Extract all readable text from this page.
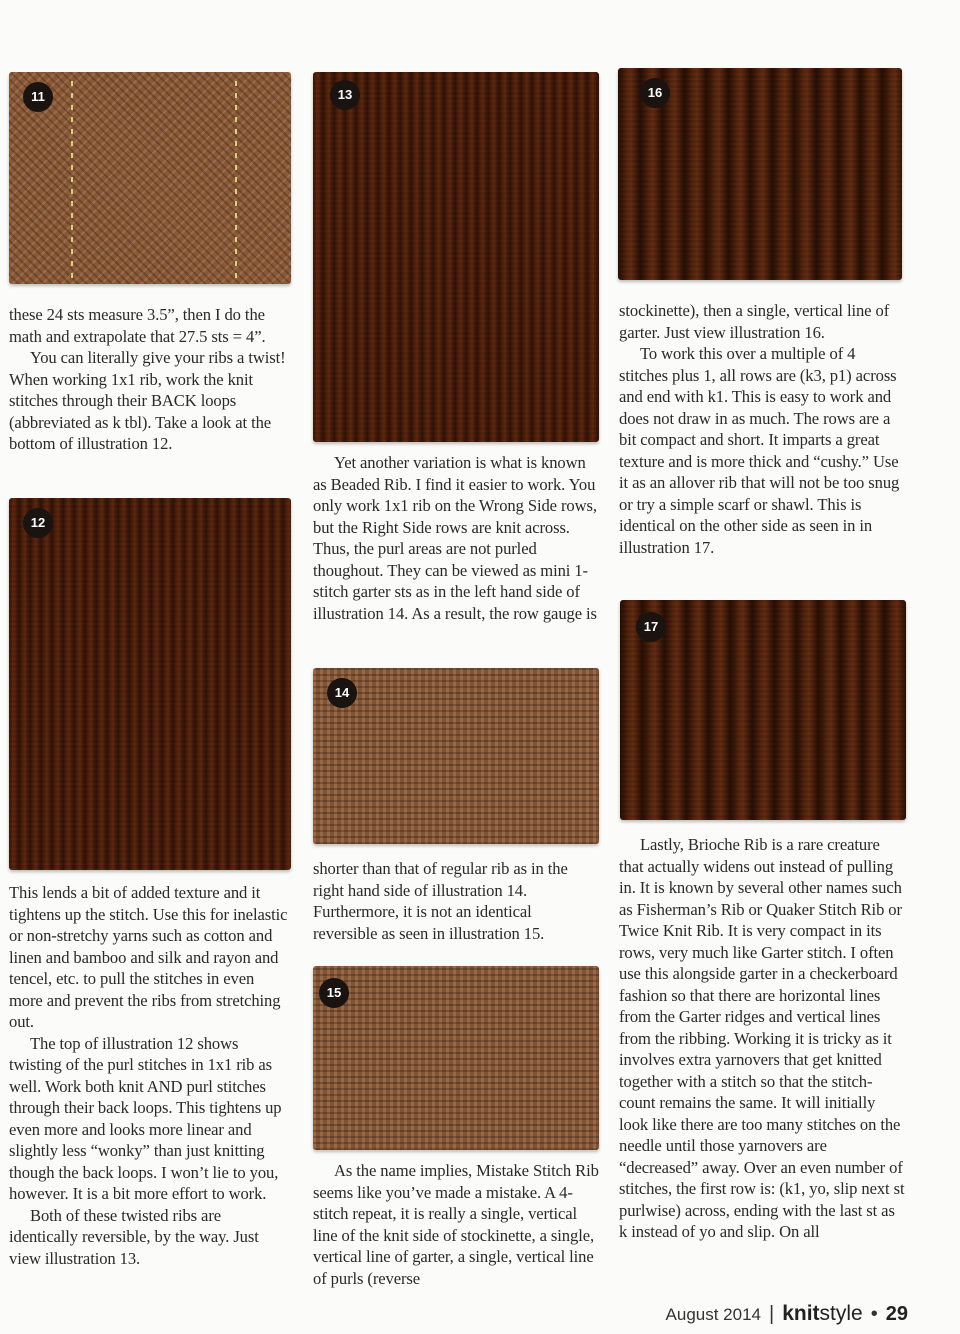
11	13	16
12
17
14
15

these 24 sts measure 3.5”, then I do the math and extrapolate that 27.5 sts = 4”.

You can literally give your ribs a twist! When working 1x1 rib, work the knit stitches through their BACK loops (abbreviated as k tbl). Take a look at the bottom of illustration 12.

This lends a bit of added texture and it tightens up the stitch. Use this for inelastic or non-stretchy yarns such as cotton and linen and bamboo and silk and rayon and tencel, etc. to pull the stitches in even more and prevent the ribs from stretching out.

The top of illustration 12 shows twisting of the purl stitches in 1x1 rib as well. Work both knit AND purl stitches through their back loops. This tightens up even more and looks more linear and slightly less “wonky” than just knitting though the back loops. I won’t lie to you, however. It is a bit more effort to work.

Both of these twisted ribs are identically reversible, by the way. Just view illustration 13.

Yet another variation is what is known as Beaded Rib. I find it easier to work. You only work 1x1 rib on the Wrong Side rows, but the Right Side rows are knit across. Thus, the purl areas are not purled thoughout. They can be viewed as mini 1-stitch garter sts as in the left hand side of illustration 14. As a result, the row gauge is

shorter than that of regular rib as in the right hand side of illustration 14. Furthermore, it is not an identical reversible as seen in illustration 15.

As the name implies, Mistake Stitch Rib seems like you’ve made a mistake. A 4-stitch repeat, it is really a single, vertical line of the knit side of stockinette, a single, vertical line of garter, a single, vertical line of purls (reverse

stockinette), then a single, vertical line of garter. Just view illustration 16.

To work this over a multiple of 4 stitches plus 1, all rows are (k3, p1) across and end with k1. This is easy to work and does not draw in as much. The rows are a bit compact and short. It imparts a great texture and is more thick and “cushy.” Use it as an allover rib that will not be too snug or try a simple scarf or shawl. This is identical on the other side as seen in in illustration 17.

Lastly, Brioche Rib is a rare creature that actually widens out instead of pulling in. It is known by several other names such as Fisherman’s Rib or Quaker Stitch Rib or Twice Knit Rib. It is very compact in its rows, very much like Garter stitch. I often use this alongside garter in a checkerboard fashion so that there are horizontal lines from the Garter ridges and vertical lines from the ribbing. Working it is tricky as it involves extra yarnovers that get knitted together with a stitch so that the stitch-count remains the same. It will initially look like there are too many stitches on the needle until those yarnovers are “decreased” away. Over an even number of stitches, the first row is: (k1, yo, slip next st purlwise) across, ending with the last st as k instead of yo and slip. On all

August 2014 | knit style • 29
